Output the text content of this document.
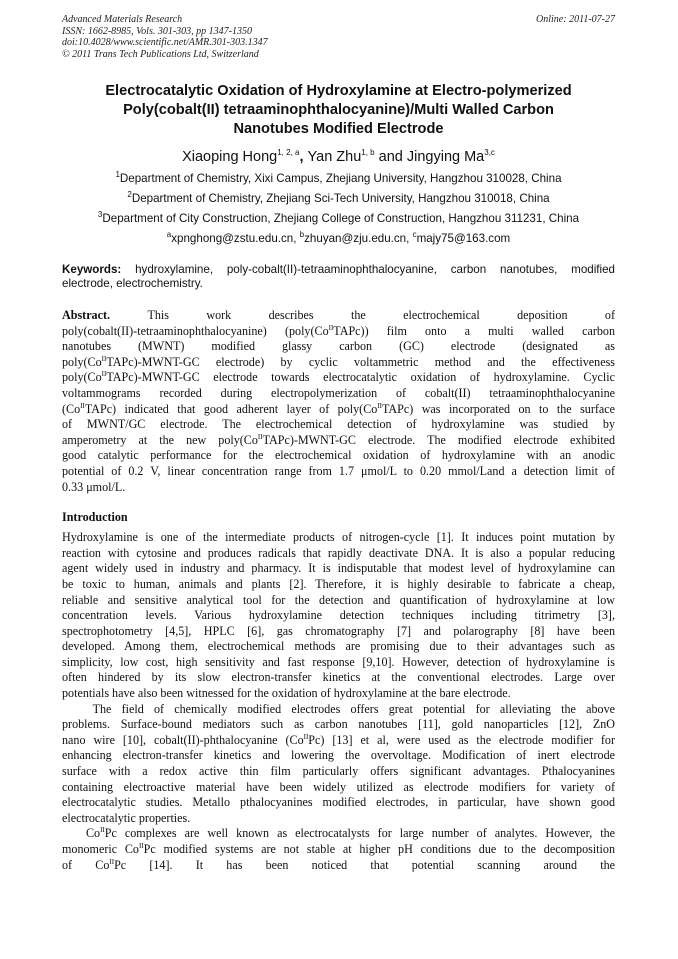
Advanced Materials Research
ISSN: 1662-8985, Vols. 301-303, pp 1347-1350
doi:10.4028/www.scientific.net/AMR.301-303.1347
© 2011 Trans Tech Publications Ltd, Switzerland
Online: 2011-07-27
Electrocatalytic Oxidation of Hydroxylamine at Electro-polymerized
Poly(cobalt(II) tetraaminophthalocyanine)/Multi Walled Carbon
Nanotubes Modified Electrode
Xiaoping Hong$^{1, 2, a}$, Yan Zhu$^{1, b}$ and Jingying Ma$^{3,c}$
$^1$Department of Chemistry, Xixi Campus, Zhejiang University, Hangzhou 310028, China
$^2$Department of Chemistry, Zhejiang Sci-Tech University, Hangzhou 310018, China
$^3$Department of City Construction, Zhejiang College of Construction, Hangzhou 311231, China
$^a$xpnghong@zstu.edu.cn, $^b$zhuyan@zju.edu.cn, $^c$majy75@163.com
Keywords: hydroxylamine, poly-cobalt(II)-tetraaminophthalocyanine, carbon nanotubes, modified electrode, electrochemistry.
Abstract. This work describes the electrochemical deposition of
poly(cobalt(II)-tetraaminophthalocyanine) $(poly(Co^{II}TAPc))$ film onto a multi walled carbon
nanotubes (MWNT) modified glassy carbon (GC) electrode (designated as
$poly(Co^{II}TAPc)-MWNT-GC$ electrode) by cyclic voltammetric method and the effectiveness
$poly(Co^{II}TAPc)-MWNT-GC$ electrode towards electrocatalytic oxidation of hydroxylamine. Cyclic
voltammograms recorded during electropolymerization of cobalt(II) tetraaminophthalocyanine
$(Co^{II}TAPc)$ indicated that good adherent layer of $poly(Co^{II}TAPc)$ was incorporated on to the surface
of MWNT/GC electrode. The electrochemical detection of hydroxylamine was studied by
amperometry at the new $poly(Co^{II}TAPc)-MWNT-GC$ electrode. The modified electrode exhibited
good catalytic performance for the electrochemical oxidation of hydroxylamine with an anodic
potential of 0.2 V, linear concentration range from 1.7 μmol/L to 0.20 mmol/Land a detection limit of
0.33 μmol/L.
Introduction
Hydroxylamine is one of the intermediate products of nitrogen-cycle [1]. It induces point mutation by
reaction with cytosine and produces radicals that rapidly deactivate DNA. It is also a popular reducing
agent widely used in industry and pharmacy. It is indisputable that modest level of hydroxylamine can
be toxic to human, animals and plants [2]. Therefore, it is highly desirable to fabricate a cheap,
reliable and sensitive analytical tool for the detection and quantification of hydroxylamine at low
concentration levels. Various hydroxylamine detection techniques including titrimetry [3],
spectrophotometry [4,5], HPLC [6], gas chromatography [7] and polarography [8] have been
developed. Among them, electrochemical methods are promising due to their advantages such as
simplicity, low cost, high sensitivity and fast response [9,10]. However, detection of hydroxylamine is
often hindered by its slow electron-transfer kinetics at the conventional electrodes. Large over
potentials have also been witnessed for the oxidation of hydroxylamine at the bare electrode.
The field of chemically modified electrodes offers great potential for alleviating the above
problems. Surface-bound mediators such as carbon nanotubes [11], gold nanoparticles [12], ZnO
nano wire [10], cobalt(II)-phthalocyanine $(Co^{II}Pc)$ [13] et al, were used as the electrode modifier for
enhancing electron-transfer kinetics and lowering the overvoltage. Modification of inert electrode
surface with a redox active thin film particularly offers significant advantages. Pthalocyanines
containing electroactive material have been widely utilized as electrode modifiers for variety of
electrocatalytic studies. Metallo pthalocyanines modified electrodes, in particular, have shown good
electrocatalytic properties.
$Co^{II}Pc$ complexes are well known as electrocatalysts for large number of analytes. However, the
monomeric $Co^{II}Pc$ modified systems are not stable at higher pH conditions due to the decomposition
of $Co^{II}Pc$ [14]. It has been noticed that potential scanning around the
